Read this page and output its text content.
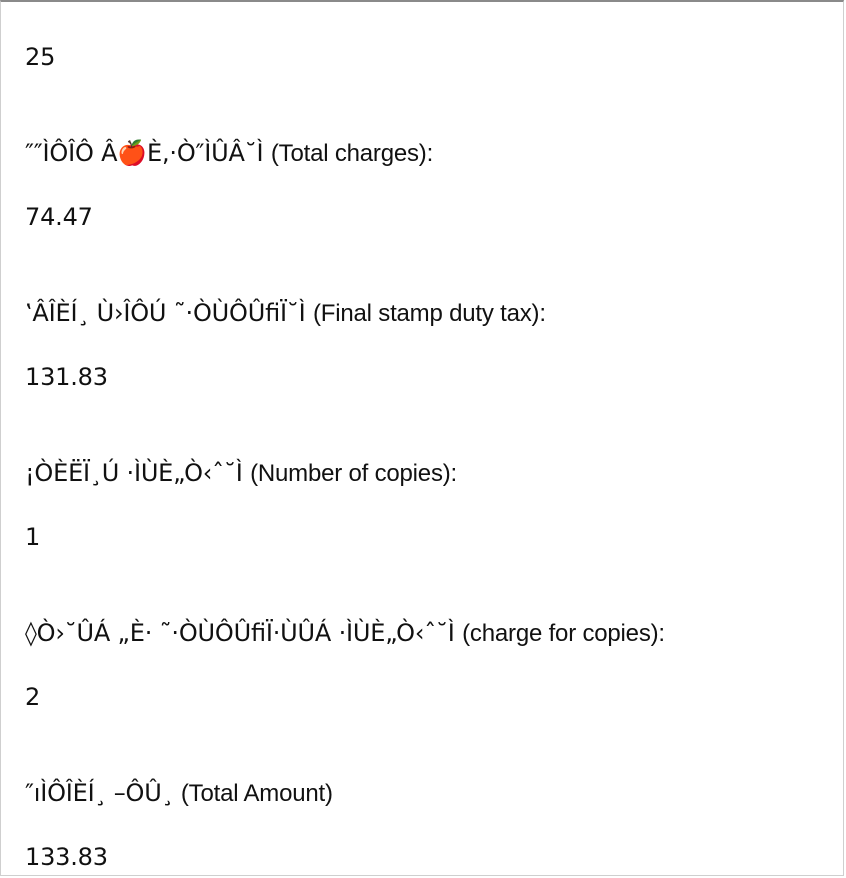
25
″″ÌÔÎÔ Â🍎È,·Ò″ÌÛÂ˘Ì (Total charges):
74.47
‛ÂÎÈÍ¸ Ù›ÎÔÚ ˜·ÒÙÔÛﬁÏ˘Ì (Final stamp duty tax):
131.83
¡ÒÈËÏ¸Ú ·ÌÙÈ„Ò‹ˆ˘Ì (Number of copies):
1
◊Ò›˘ÛÁ „È· ˜·ÒÙÔÛﬁÏ·ÙÛÁ ·ÌÙÈ„Ò‹ˆ˘Ì (charge for copies):
2
″ıÌÔÎÈÍ¸ –ÔÛ¸ (Total Amount)
133.83
